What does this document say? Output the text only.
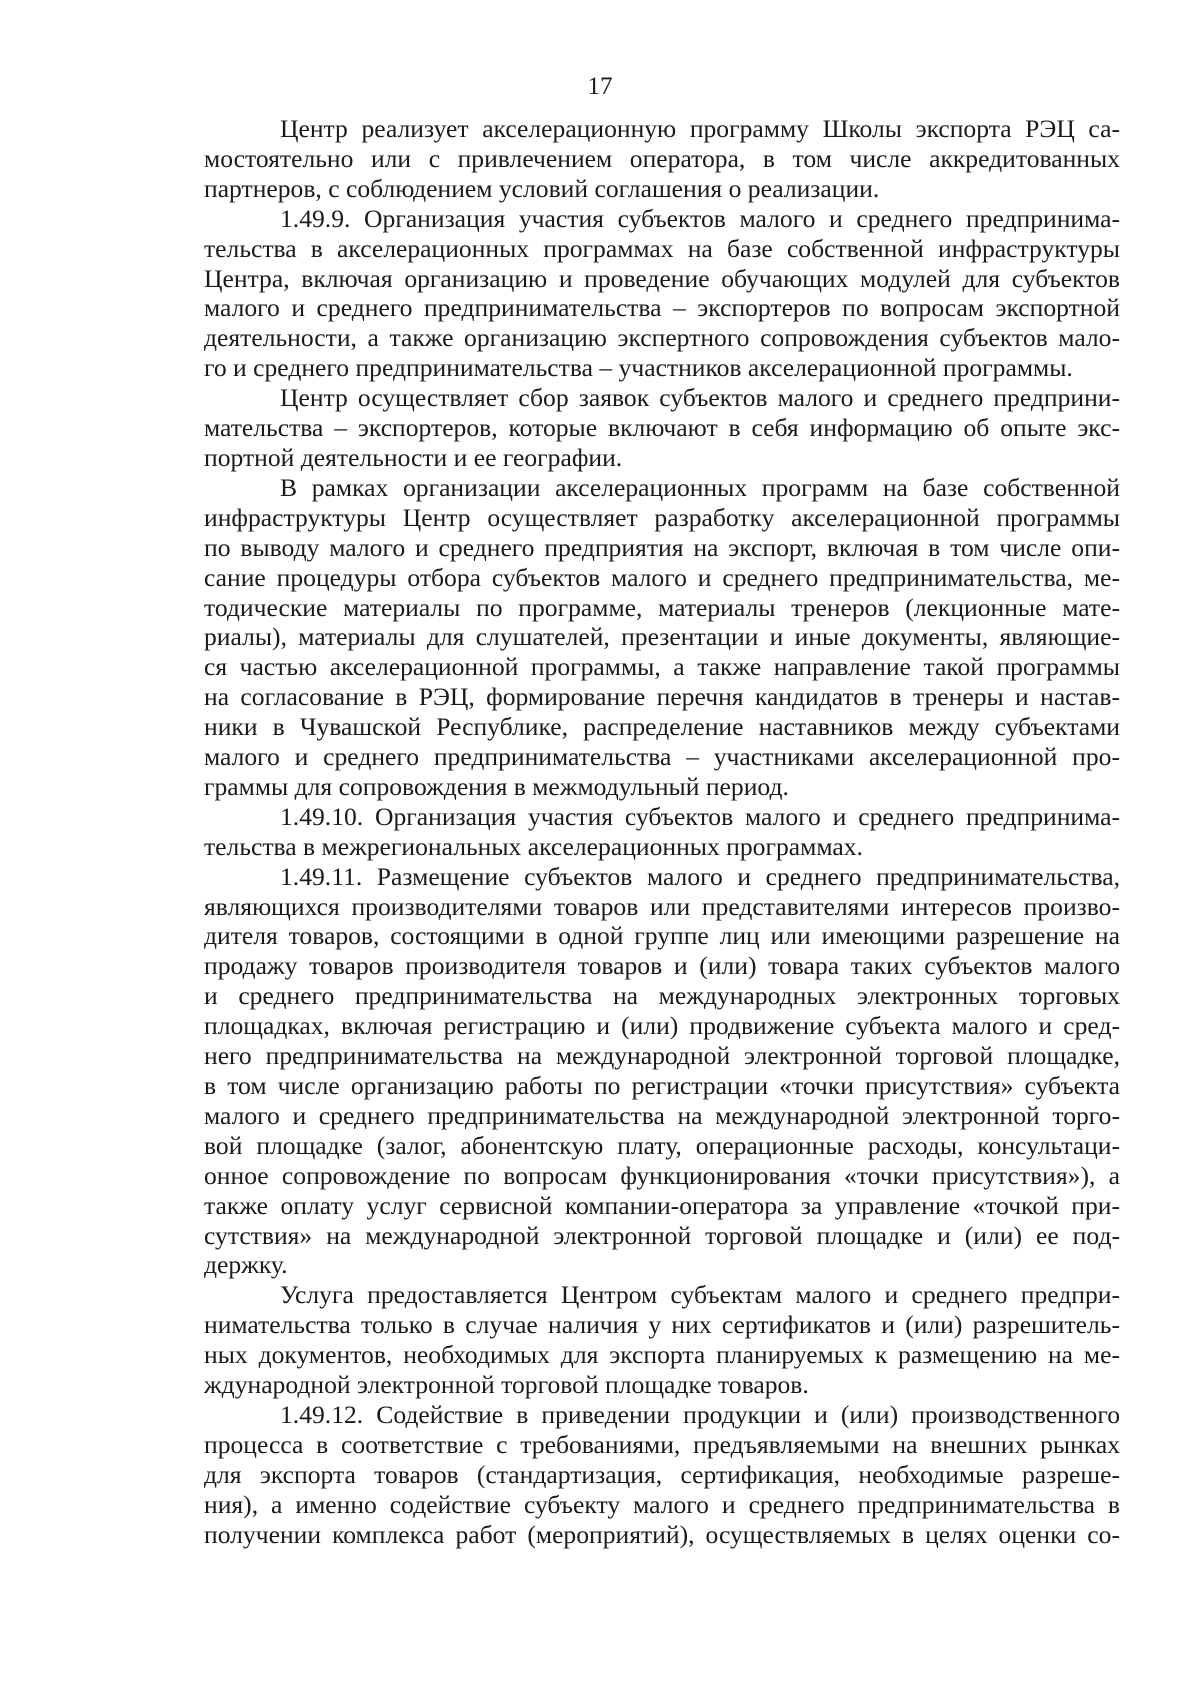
17
Центр реализует акселерационную программу Школы экспорта РЭЦ са-
мостоятельно или с привлечением оператора, в том числе аккредитованных
партнеров, с соблюдением условий соглашения о реализации.
1.49.9. Организация участия субъектов малого и среднего предпринима-
тельства в акселерационных программах на базе собственной инфраструктуры
Центра, включая организацию и проведение обучающих модулей для субъектов
малого и среднего предпринимательства – экспортеров по вопросам экспортной
деятельности, а также организацию экспертного сопровождения субъектов мало-
го и среднего предпринимательства – участников акселерационной программы.
Центр осуществляет сбор заявок субъектов малого и среднего предприни-
мательства – экспортеров, которые включают в себя информацию об опыте экс-
портной деятельности и ее географии.
В рамках организации акселерационных программ на базе собственной
инфраструктуры Центр осуществляет разработку акселерационной программы
по выводу малого и среднего предприятия на экспорт, включая в том числе опи-
сание процедуры отбора субъектов малого и среднего предпринимательства, ме-
тодические материалы по программе, материалы тренеров (лекционные мате-
риалы), материалы для слушателей, презентации и иные документы, являющие-
ся частью акселерационной программы, а также направление такой программы
на согласование в РЭЦ, формирование перечня кандидатов в тренеры и настав-
ники в Чувашской Республике, распределение наставников между субъектами
малого и среднего предпринимательства – участниками акселерационной про-
граммы для сопровождения в межмодульный период.
1.49.10. Организация участия субъектов малого и среднего предпринима-
тельства в межрегиональных акселерационных программах.
1.49.11. Размещение субъектов малого и среднего предпринимательства,
являющихся производителями товаров или представителями интересов произво-
дителя товаров, состоящими в одной группе лиц или имеющими разрешение на
продажу товаров производителя товаров и (или) товара таких субъектов малого
и среднего предпринимательства на международных электронных торговых
площадках, включая регистрацию и (или) продвижение субъекта малого и сред-
него предпринимательства на международной электронной торговой площадке,
в том числе организацию работы по регистрации «точки присутствия» субъекта
малого и среднего предпринимательства на международной электронной торго-
вой площадке (залог, абонентскую плату, операционные расходы, консультаци-
онное сопровождение по вопросам функционирования «точки присутствия»), а
также оплату услуг сервисной компании-оператора за управление «точкой при-
сутствия» на международной электронной торговой площадке и (или) ее под-
держку.
Услуга предоставляется Центром субъектам малого и среднего предпри-
нимательства только в случае наличия у них сертификатов и (или) разрешитель-
ных документов, необходимых для экспорта планируемых к размещению на ме-
ждународной электронной торговой площадке товаров.
1.49.12. Содействие в приведении продукции и (или) производственного
процесса в соответствие с требованиями, предъявляемыми на внешних рынках
для экспорта товаров (стандартизация, сертификация, необходимые разреше-
ния), а именно содействие субъекту малого и среднего предпринимательства в
получении комплекса работ (мероприятий), осуществляемых в целях оценки со-
